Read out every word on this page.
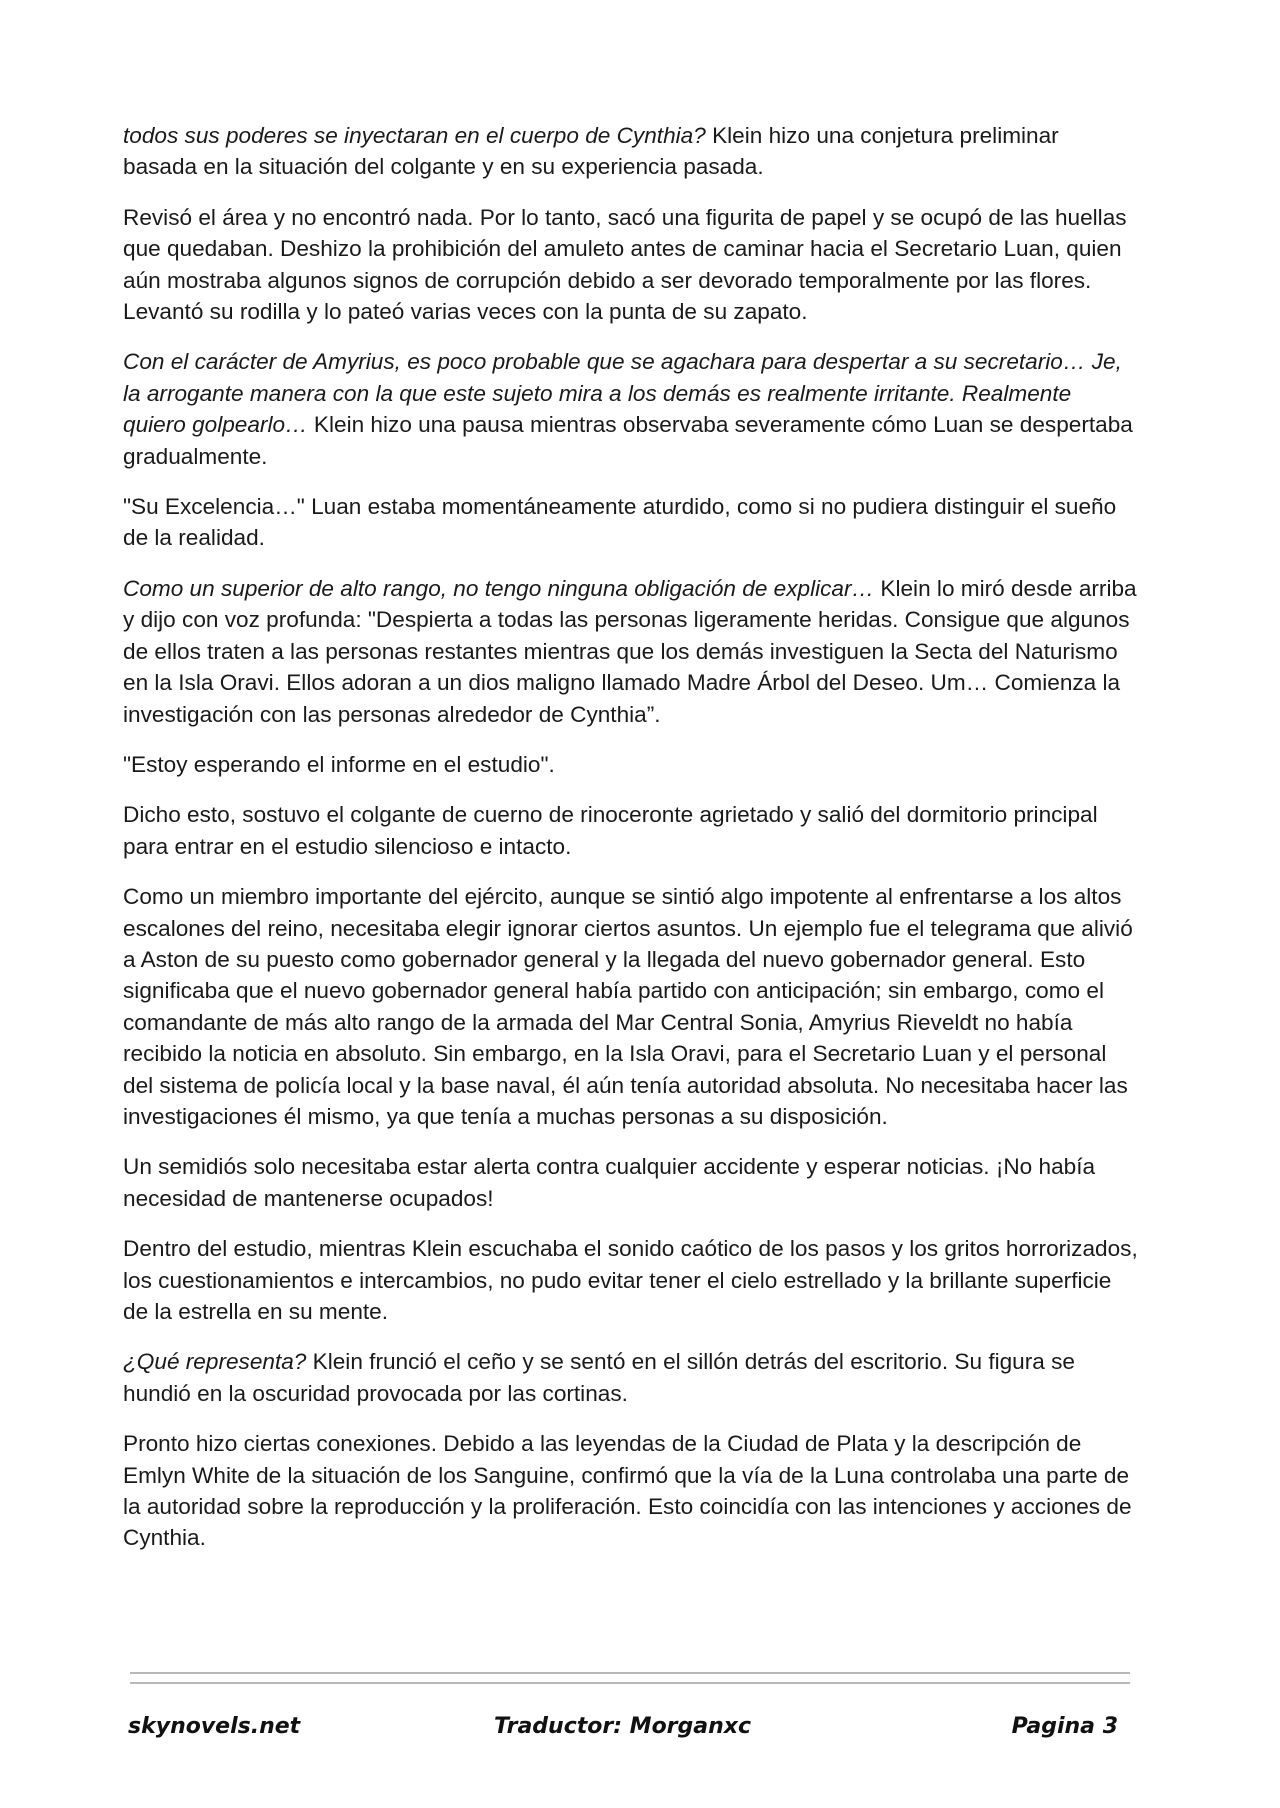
todos sus poderes se inyectaran en el cuerpo de Cynthia? Klein hizo una conjetura preliminar basada en la situación del colgante y en su experiencia pasada.

Revisó el área y no encontró nada. Por lo tanto, sacó una figurita de papel y se ocupó de las huellas que quedaban. Deshizo la prohibición del amuleto antes de caminar hacia el Secretario Luan, quien aún mostraba algunos signos de corrupción debido a ser devorado temporalmente por las flores. Levantó su rodilla y lo pateó varias veces con la punta de su zapato.

Con el carácter de Amyrius, es poco probable que se agachara para despertar a su secretario… Je, la arrogante manera con la que este sujeto mira a los demás es realmente irritante. Realmente quiero golpearlo… Klein hizo una pausa mientras observaba severamente cómo Luan se despertaba gradualmente.

"Su Excelencia…" Luan estaba momentáneamente aturdido, como si no pudiera distinguir el sueño de la realidad.

Como un superior de alto rango, no tengo ninguna obligación de explicar… Klein lo miró desde arriba y dijo con voz profunda: "Despierta a todas las personas ligeramente heridas. Consigue que algunos de ellos traten a las personas restantes mientras que los demás investiguen la Secta del Naturismo en la Isla Oravi. Ellos adoran a un dios maligno llamado Madre Árbol del Deseo. Um… Comienza la investigación con las personas alrededor de Cynthia”.

"Estoy esperando el informe en el estudio".

Dicho esto, sostuvo el colgante de cuerno de rinoceronte agrietado y salió del dormitorio principal para entrar en el estudio silencioso e intacto.

Como un miembro importante del ejército, aunque se sintió algo impotente al enfrentarse a los altos escalones del reino, necesitaba elegir ignorar ciertos asuntos. Un ejemplo fue el telegrama que alivió a Aston de su puesto como gobernador general y la llegada del nuevo gobernador general. Esto significaba que el nuevo gobernador general había partido con anticipación; sin embargo, como el comandante de más alto rango de la armada del Mar Central Sonia, Amyrius Rieveldt no había recibido la noticia en absoluto. Sin embargo, en la Isla Oravi, para el Secretario Luan y el personal del sistema de policía local y la base naval, él aún tenía autoridad absoluta. No necesitaba hacer las investigaciones él mismo, ya que tenía a muchas personas a su disposición.

Un semidiós solo necesitaba estar alerta contra cualquier accidente y esperar noticias. ¡No había necesidad de mantenerse ocupados!

Dentro del estudio, mientras Klein escuchaba el sonido caótico de los pasos y los gritos horrorizados, los cuestionamientos e intercambios, no pudo evitar tener el cielo estrellado y la brillante superficie de la estrella en su mente.

¿Qué representa? Klein frunció el ceño y se sentó en el sillón detrás del escritorio. Su figura se hundió en la oscuridad provocada por las cortinas.

Pronto hizo ciertas conexiones. Debido a las leyendas de la Ciudad de Plata y la descripción de Emlyn White de la situación de los Sanguine, confirmó que la vía de la Luna controlaba una parte de la autoridad sobre la reproducción y la proliferación. Esto coincidía con las intenciones y acciones de Cynthia.

skynovels.net	Traductor: Morganxc	Pagina 3
